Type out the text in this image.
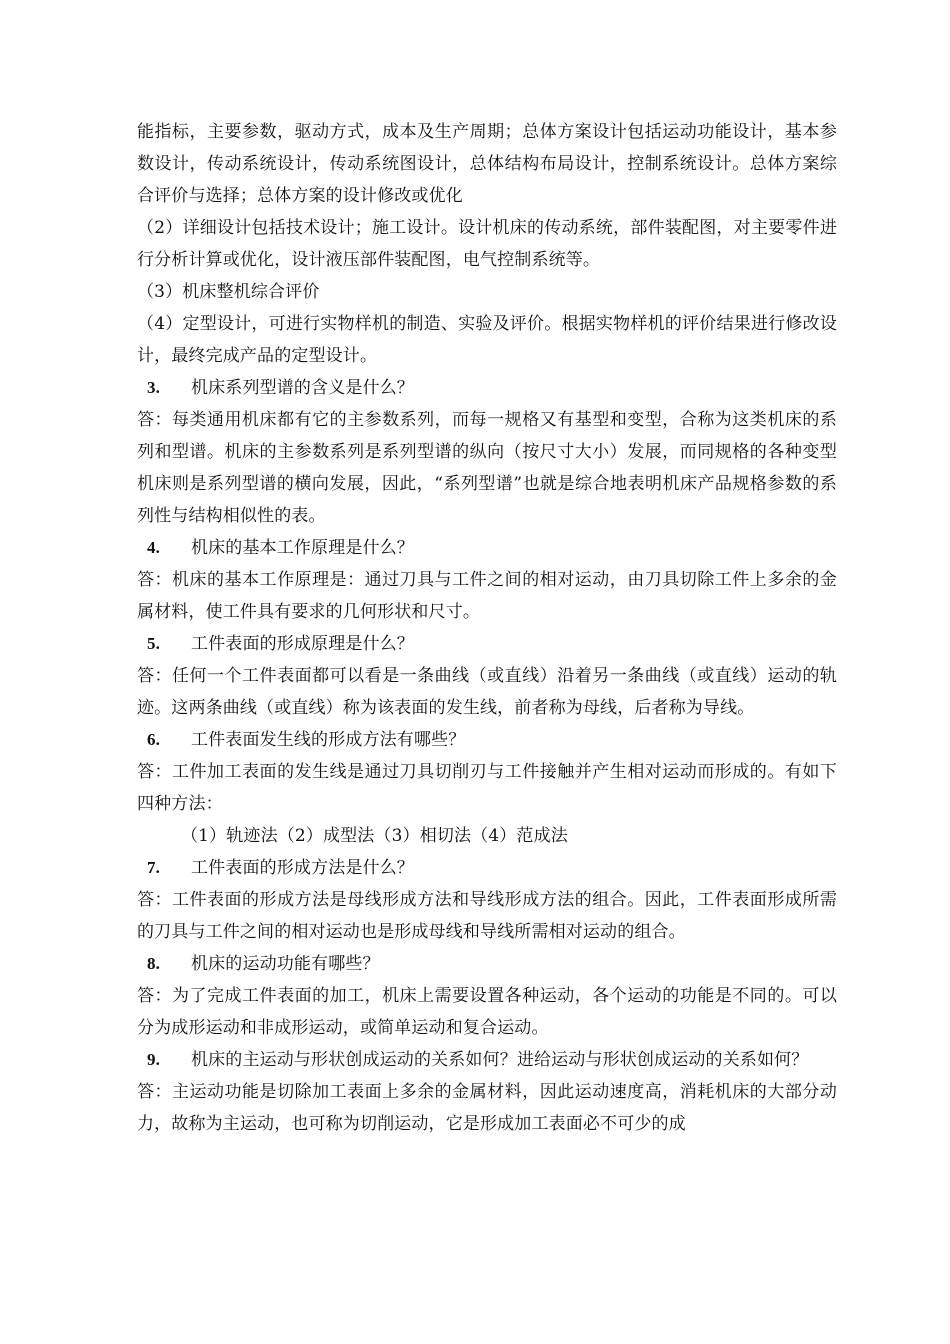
能指标，主要参数，驱动方式，成本及生产周期；总体方案设计包括运动功能设计，基本参数设计，传动系统设计，传动系统图设计，总体结构布局设计，控制系统设计。总体方案综合评价与选择；总体方案的设计修改或优化

（2）详细设计包括技术设计；施工设计。设计机床的传动系统，部件装配图，对主要零件进行分析计算或优化，设计液压部件装配图，电气控制系统等。

（3）机床整机综合评价

（4）定型设计，可进行实物样机的制造、实验及评价。根据实物样机的评价结果进行修改设计，最终完成产品的定型设计。

3.	机床系列型谱的含义是什么？

答：每类通用机床都有它的主参数系列，而每一规格又有基型和变型，合称为这类机床的系列和型谱。机床的主参数系列是系列型谱的纵向（按尺寸大小）发展，而同规格的各种变型机床则是系列型谱的横向发展，因此，“系列型谱”也就是综合地表明机床产品规格参数的系列性与结构相似性的表。

4.	机床的基本工作原理是什么？

答：机床的基本工作原理是：通过刀具与工件之间的相对运动，由刀具切除工件上多余的金属材料，使工件具有要求的几何形状和尺寸。

5.	工件表面的形成原理是什么？

答：任何一个工件表面都可以看是一条曲线（或直线）沿着另一条曲线（或直线）运动的轨迹。这两条曲线（或直线）称为该表面的发生线，前者称为母线，后者称为导线。

6.	工件表面发生线的形成方法有哪些？

答：工件加工表面的发生线是通过刀具切削刃与工件接触并产生相对运动而形成的。有如下四种方法：

（1）轨迹法（2）成型法（3）相切法（4）范成法

7.	工件表面的形成方法是什么？

答：工件表面的形成方法是母线形成方法和导线形成方法的组合。因此，工件表面形成所需的刀具与工件之间的相对运动也是形成母线和导线所需相对运动的组合。

8.	机床的运动功能有哪些？

答：为了完成工件表面的加工，机床上需要设置各种运动，各个运动的功能是不同的。可以分为成形运动和非成形运动，或简单运动和复合运动。

9.	机床的主运动与形状创成运动的关系如何？进给运动与形状创成运动的关系如何？

答：主运动功能是切除加工表面上多余的金属材料，因此运动速度高，消耗机床的大部分动力，故称为主运动，也可称为切削运动，它是形成加工表面必不可少的成
